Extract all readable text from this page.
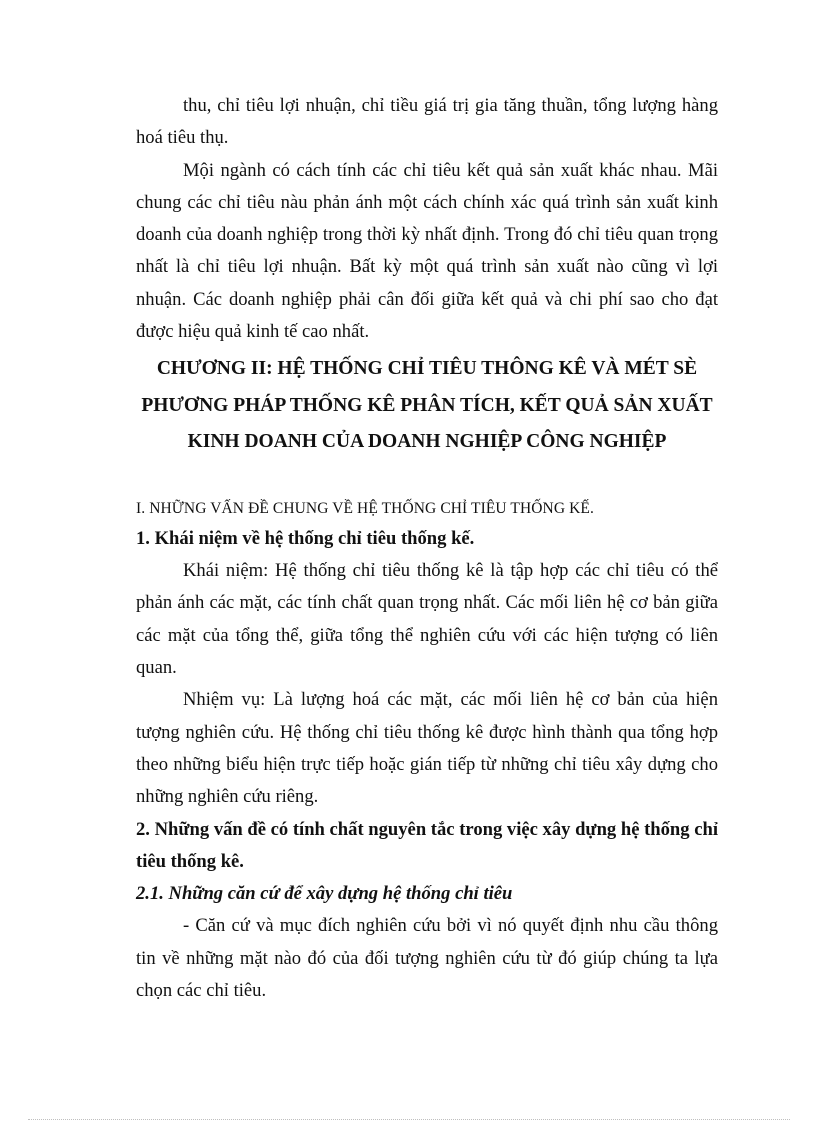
thu, chỉ tiêu lợi nhuận, chỉ tiều giá trị gia tăng thuần, tổng lượng hàng hoá tiêu thụ.

Mội ngành có cách tính các chỉ tiêu kết quả sản xuất khác nhau. Mãi chung các chỉ tiêu nàu phản ánh một cách chính xác quá trình sản xuất kinh doanh của doanh nghiệp trong thời kỳ nhất định. Trong đó chỉ tiêu quan trọng nhất là chỉ tiêu lợi nhuận. Bất kỳ một quá trình sản xuất nào cũng vì lợi nhuận. Các doanh nghiệp phải cân đối giữa kết quả và chi phí sao cho đạt được hiệu quả kinh tế cao nhất.

CHƯƠNG II: HỆ THỐNG CHỈ TIÊU THÔNG KÊ VÀ MÉT SÈ PHƯƠNG PHÁP THỐNG KÊ PHÂN TÍCH, KẾT QUẢ SẢN XUẤT KINH DOANH CỦA DOANH NGHIỆP CÔNG NGHIỆP

I. NHỮNG VẤN ĐỀ CHUNG VỀ HỆ THỐNG CHỈ TIÊU THỐNG KẾ.

1. Khái niệm về hệ thống chỉ tiêu thống kế.

Khái niệm: Hệ thống chỉ tiêu thống kê là tập hợp các chỉ tiêu có thể phản ánh các mặt, các tính chất quan trọng nhất. Các mối liên hệ cơ bản giữa các mặt của tổng thể, giữa tổng thể nghiên cứu với các hiện tượng có liên quan.

Nhiệm vụ: Là lượng hoá các mặt, các mối liên hệ cơ bản của hiện tượng nghiên cứu. Hệ thống chỉ tiêu thống kê được hình thành qua tổng hợp theo những biểu hiện trực tiếp hoặc gián tiếp từ những chỉ tiêu xây dựng cho những nghiên cứu riêng.

2. Những vấn đề có tính chất nguyên tắc trong việc xây dựng hệ thống chỉ tiêu thống kê.

2.1. Những căn cứ để xây dựng hệ thống chỉ tiêu

- Căn cứ và mục đích nghiên cứu bởi vì nó quyết định nhu cầu thông tin về những mặt nào đó của đối tượng nghiên cứu từ đó giúp chúng ta lựa chọn các chỉ tiêu.
